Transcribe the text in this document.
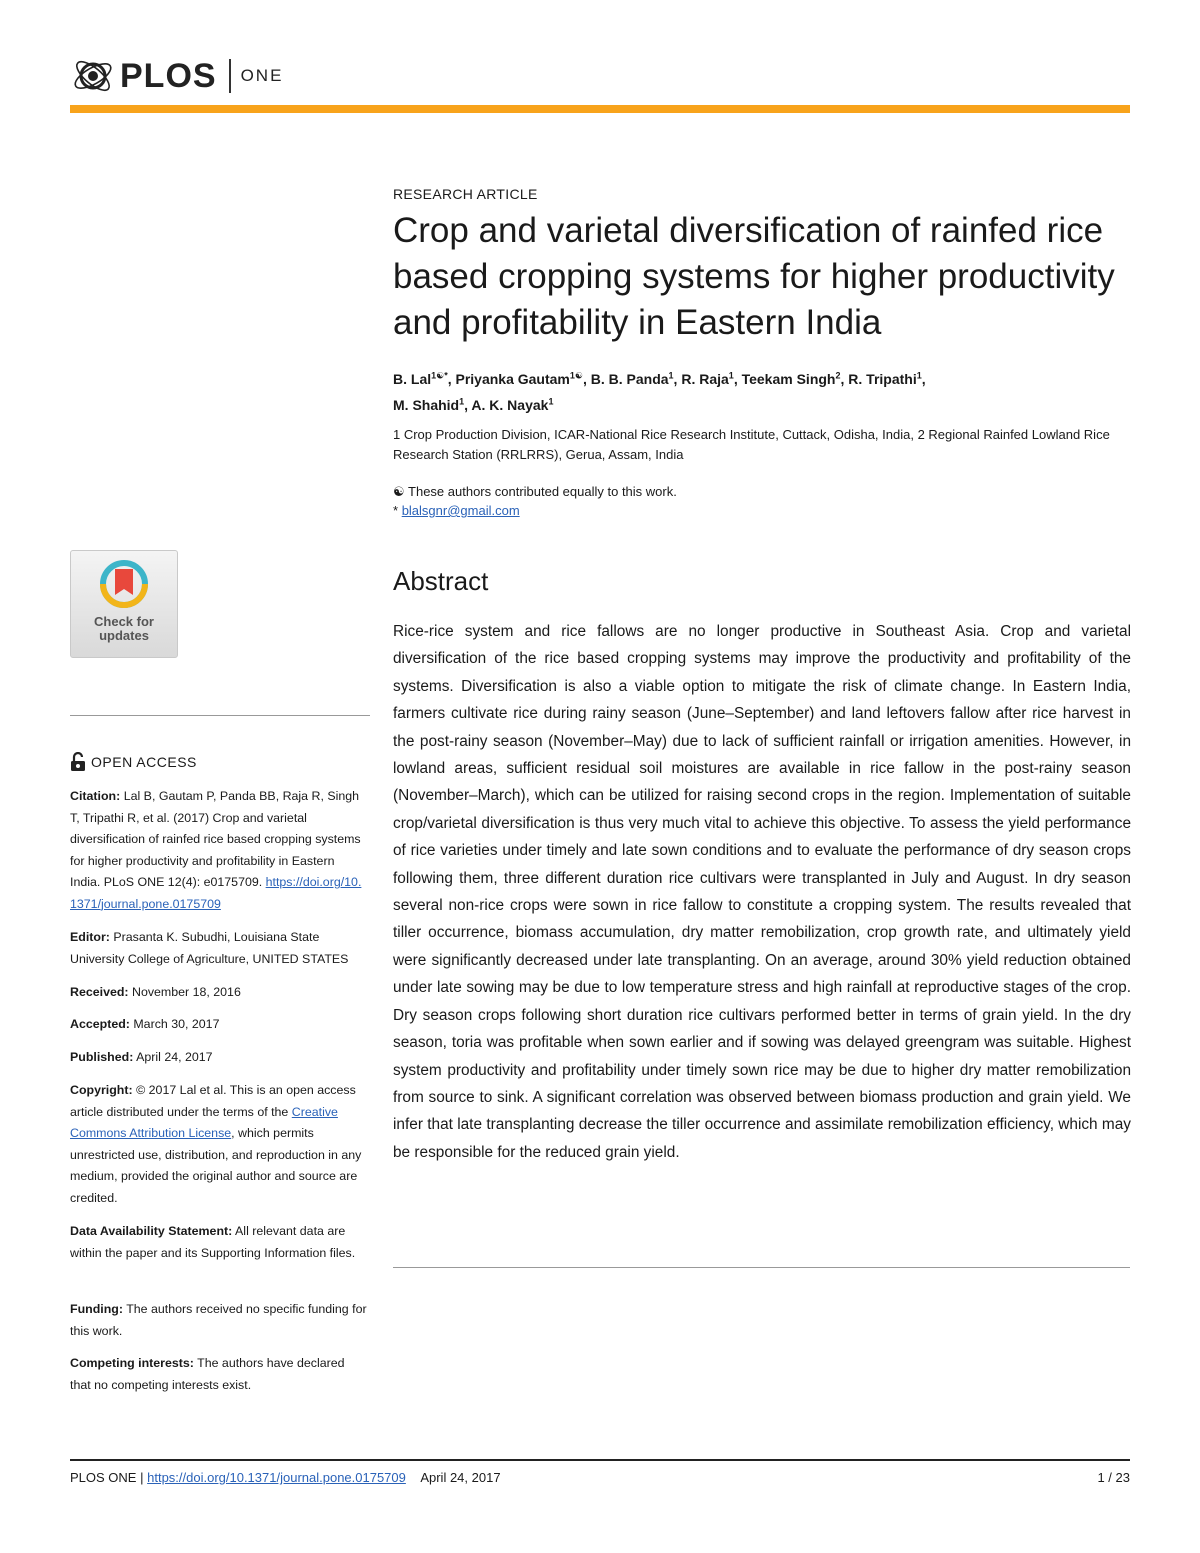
PLOS ONE
RESEARCH ARTICLE
Crop and varietal diversification of rainfed rice based cropping systems for higher productivity and profitability in Eastern India
B. Lal$^{1☯*}$, Priyanka Gautam$^{1☯}$, B. B. Panda$^1$, R. Raja$^1$, Teekam Singh$^2$, R. Tripathi$^1$,
M. Shahid$^1$, A. K. Nayak$^1$
1 Crop Production Division, ICAR-National Rice Research Institute, Cuttack, Odisha, India, 2 Regional Rainfed Lowland Rice Research Station (RRLRRS), Gerua, Assam, India
☯ These authors contributed equally to this work.
* blalsgnr@gmail.com
Abstract
Rice-rice system and rice fallows are no longer productive in Southeast Asia. Crop and varietal diversification of the rice based cropping systems may improve the productivity and profitability of the systems. Diversification is also a viable option to mitigate the risk of climate change. In Eastern India, farmers cultivate rice during rainy season (June–September) and land leftovers fallow after rice harvest in the post-rainy season (November–May) due to lack of sufficient rainfall or irrigation amenities. However, in lowland areas, sufficient residual soil moistures are available in rice fallow in the post-rainy season (November–March), which can be utilized for raising second crops in the region. Implementation of suitable crop/varietal diversification is thus very much vital to achieve this objective. To assess the yield performance of rice varieties under timely and late sown conditions and to evaluate the performance of dry season crops following them, three different duration rice cultivars were transplanted in July and August. In dry season several non-rice crops were sown in rice fallow to constitute a cropping system. The results revealed that tiller occurrence, biomass accumulation, dry matter remobilization, crop growth rate, and ultimately yield were significantly decreased under late transplanting. On an average, around 30% yield reduction obtained under late sowing may be due to low temperature stress and high rainfall at reproductive stages of the crop. Dry season crops following short duration rice cultivars performed better in terms of grain yield. In the dry season, toria was profitable when sown earlier and if sowing was delayed greengram was suitable. Highest system productivity and profitability under timely sown rice may be due to higher dry matter remobilization from source to sink. A significant correlation was observed between biomass production and grain yield. We infer that late transplanting decrease the tiller occurrence and assimilate remobilization efficiency, which may be responsible for the reduced grain yield.
Check for
updates
OPEN ACCESS
Citation: Lal B, Gautam P, Panda BB, Raja R, Singh T, Tripathi R, et al. (2017) Crop and varietal diversification of rainfed rice based cropping systems for higher productivity and profitability in Eastern India. PLoS ONE 12(4): e0175709. https://doi.org/10.1371/journal.pone.0175709
Editor: Prasanta K. Subudhi, Louisiana State University College of Agriculture, UNITED STATES
Received: November 18, 2016
Accepted: March 30, 2017
Published: April 24, 2017
Copyright: © 2017 Lal et al. This is an open access article distributed under the terms of the Creative Commons Attribution License, which permits unrestricted use, distribution, and reproduction in any medium, provided the original author and source are credited.
Data Availability Statement: All relevant data are within the paper and its Supporting Information files.
Funding: The authors received no specific funding for this work.
Competing interests: The authors have declared that no competing interests exist.
PLOS ONE | https://doi.org/10.1371/journal.pone.0175709 April 24, 2017	1 / 23
